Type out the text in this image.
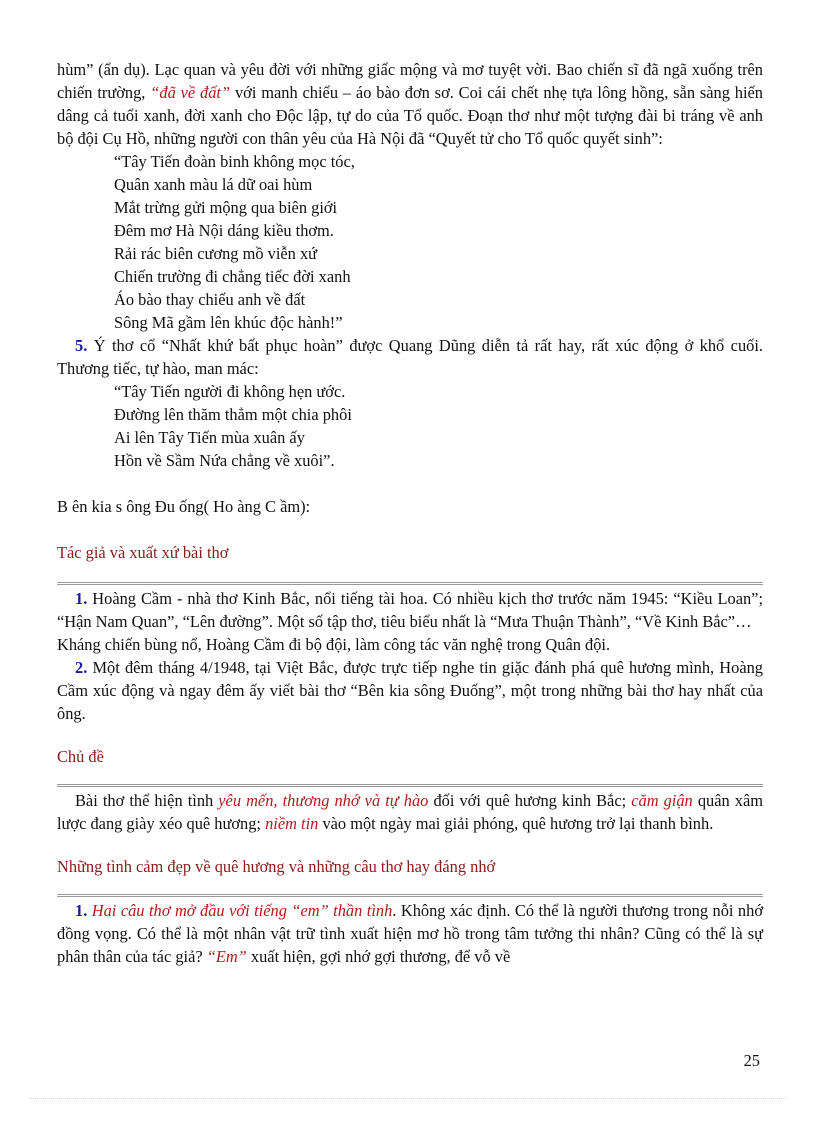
hùm” (ẩn dụ). Lạc quan và yêu đời với những giấc mộng và mơ tuyệt vời. Bao chiến sĩ đã ngã xuống trên chiến trường, “đã về đất” với manh chiếu – áo bào đơn sơ. Coi cái chết nhẹ tựa lông hồng, sẵn sàng hiến dâng cả tuổi xanh, đời xanh cho Độc lập, tự do của Tổ quốc. Đoạn thơ như một tượng đài bi tráng về anh bộ đội Cụ Hồ, những người con thân yêu của Hà Nội đã “Quyết tử cho Tổ quốc quyết sinh”:

“Tây Tiến đoàn binh không mọc tóc,
Quân xanh màu lá dữ oai hùm
Mắt trừng gửi mộng qua biên giới
Đêm mơ Hà Nội dáng kiều thơm.
Rải rác biên cương mồ viễn xứ
Chiến trường đi chẳng tiếc đời xanh
Áo bào thay chiếu anh về đất
Sông Mã gầm lên khúc độc hành!”

5. Ý thơ cổ “Nhất khứ bất phục hoàn” được Quang Dũng diễn tả rất hay, rất xúc động ở khổ cuối. Thương tiếc, tự hào, man mác:

“Tây Tiến người đi không hẹn ước.
Đường lên thăm thẳm một chia phôi
Ai lên Tây Tiến mùa xuân ấy
Hồn về Sầm Nứa chẳng về xuôi”.

B ên kia s ông Đu ống( Ho àng C ầm):

Tác giả và xuất xứ bài thơ

1. Hoàng Cầm - nhà thơ Kinh Bắc, nổi tiếng tài hoa. Có nhiều kịch thơ trước năm 1945: “Kiều Loan”; “Hận Nam Quan”, “Lên đường”. Một số tập thơ, tiêu biểu nhất là “Mưa Thuận Thành”, “Về Kinh Bắc”…

Kháng chiến bùng nổ, Hoàng Cầm đi bộ đội, làm công tác văn nghệ trong Quân đội.

2. Một đêm tháng 4/1948, tại Việt Bắc, được trực tiếp nghe tin giặc đánh phá quê hương mình, Hoàng Cầm xúc động và ngay đêm ấy viết bài thơ “Bên kia sông Đuống”, một trong những bài thơ hay nhất của ông.

Chủ đề

Bài thơ thể hiện tình yêu mến, thương nhớ và tự hào đối với quê hương kinh Bắc; căm giận quân xâm lược đang giày xéo quê hương; niềm tin vào một ngày mai giải phóng, quê hương trở lại thanh bình.

Những tình cảm đẹp về quê hương và những câu thơ hay đáng nhớ

1. Hai câu thơ mở đầu với tiếng “em” thần tình. Không xác định. Có thể là người thương trong nỗi nhớ đồng vọng. Có thể là một nhân vật trữ tình xuất hiện mơ hồ trong tâm tưởng thi nhân? Cũng có thể là sự phân thân của tác giả? “Em” xuất hiện, gợi nhớ gợi thương, để vỗ về

25
